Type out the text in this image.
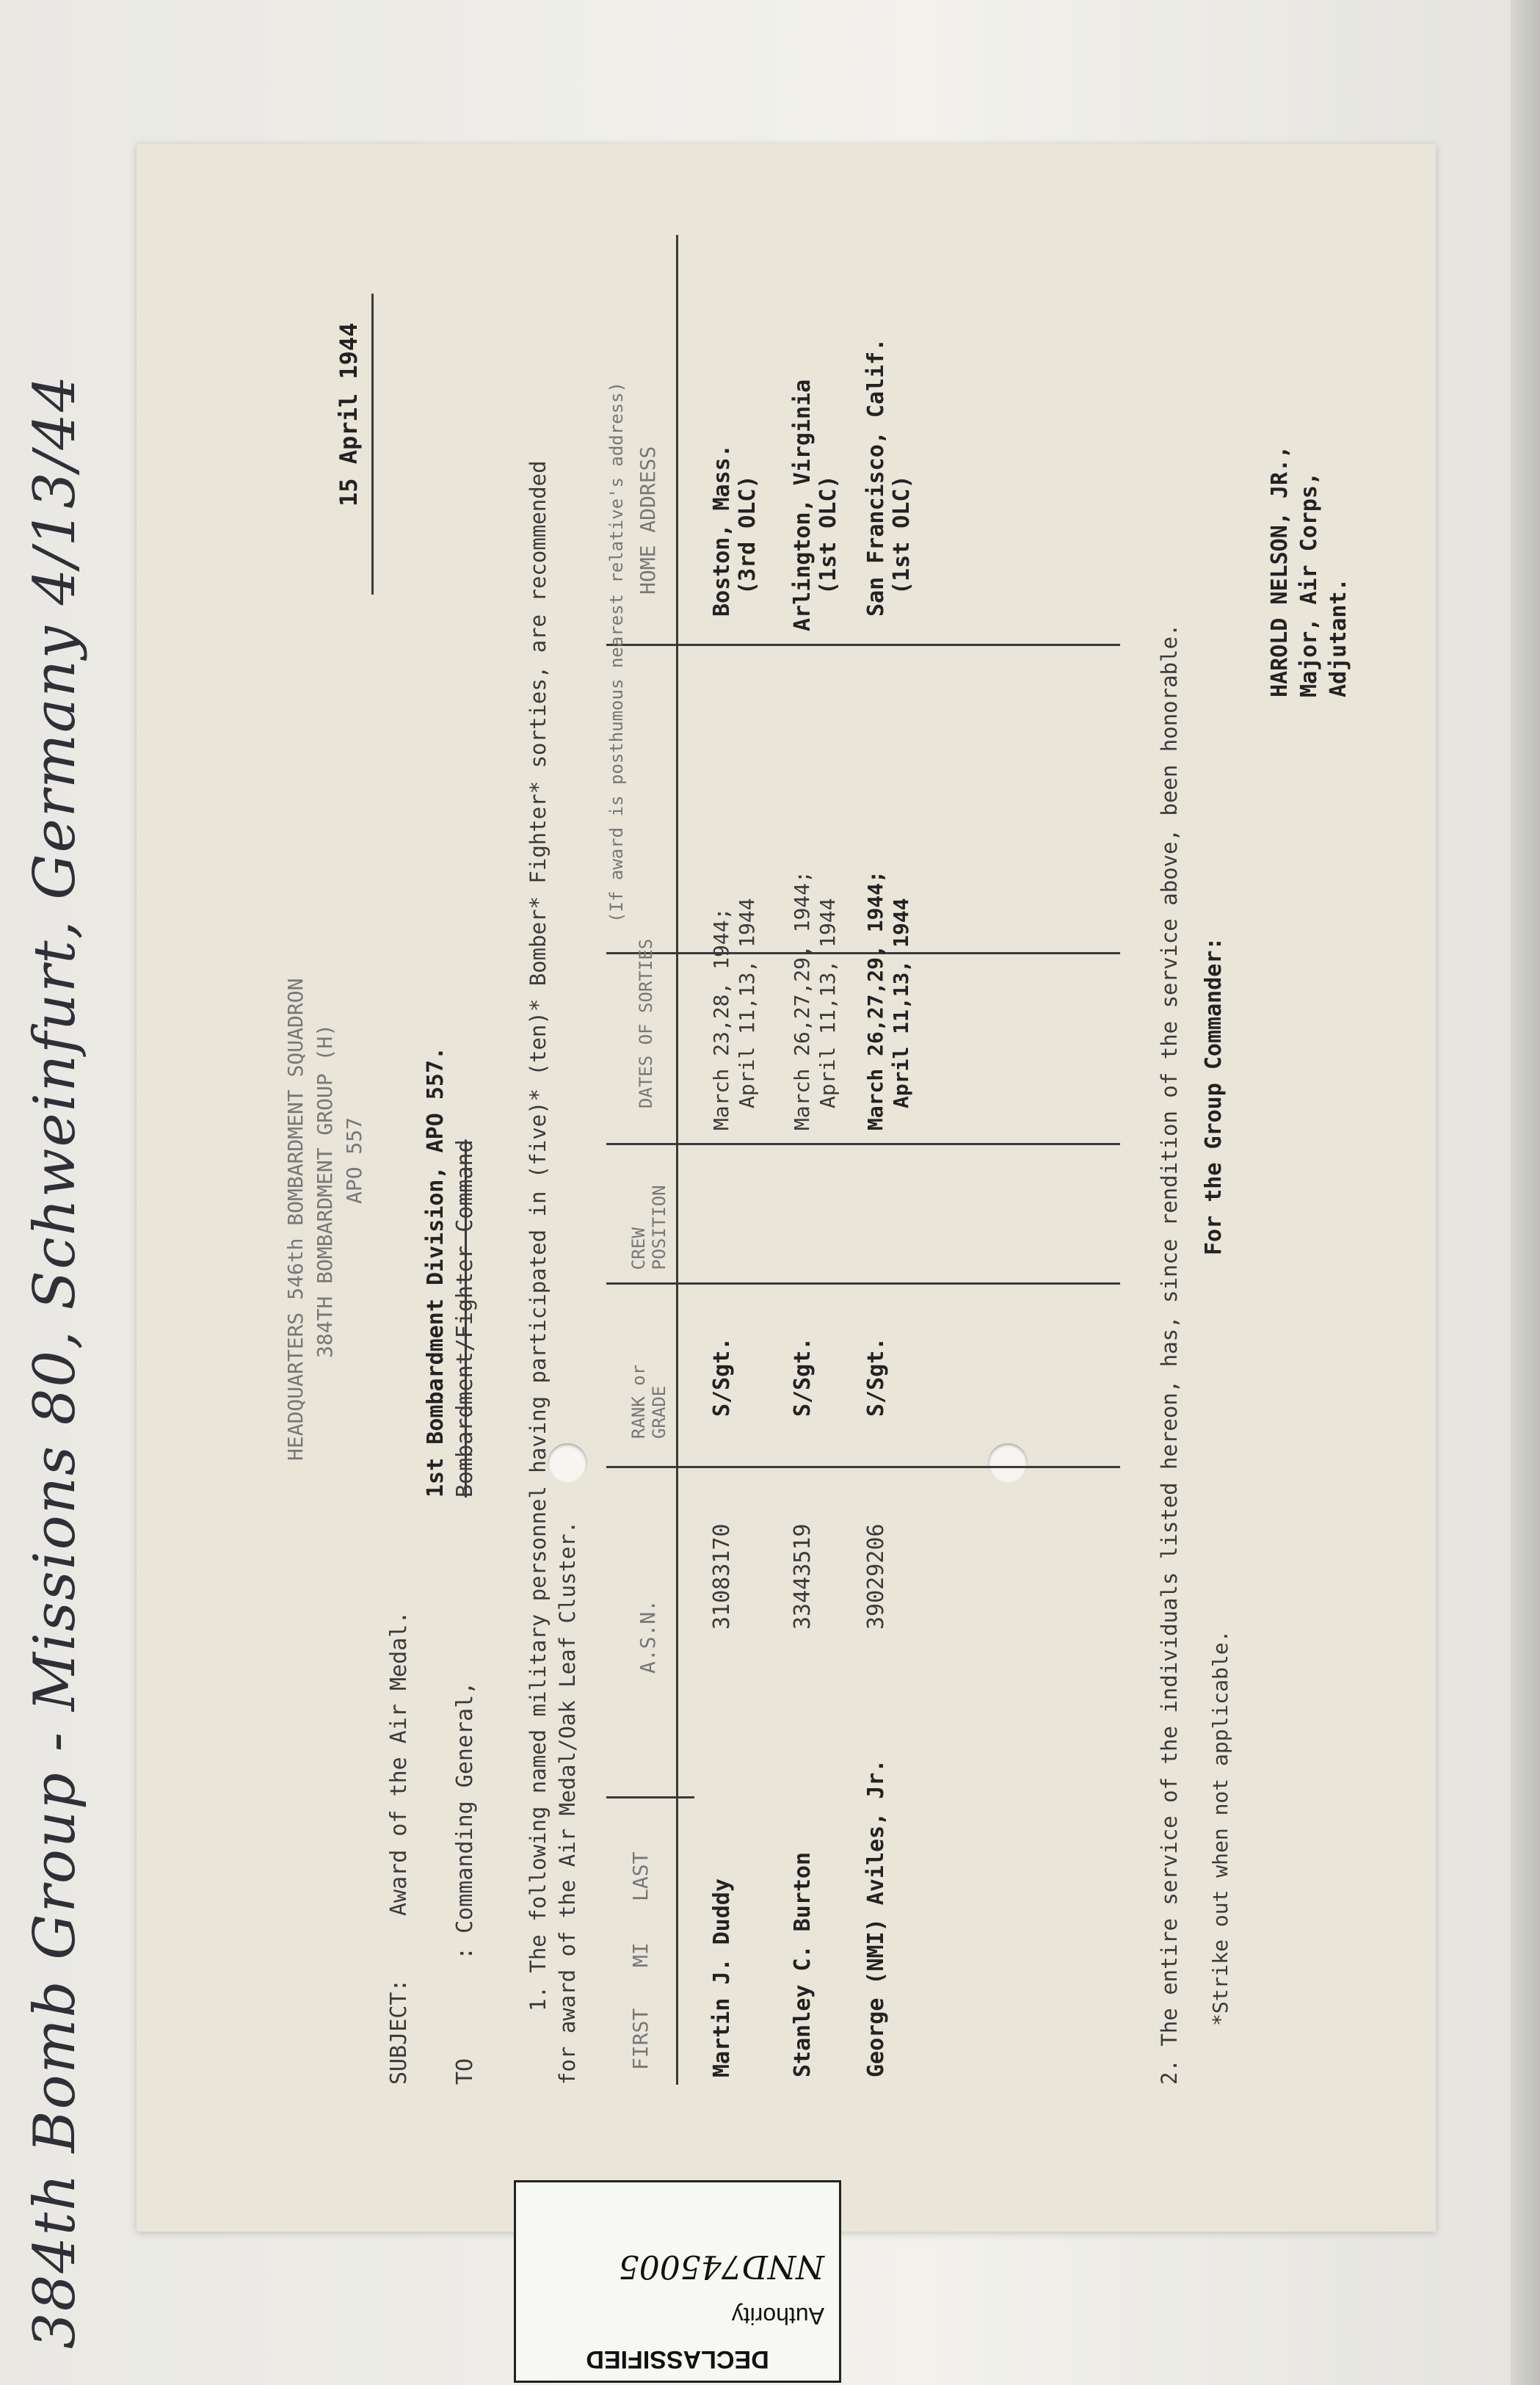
384th Bomb Group - Missions 80, Schweinfurt, Germany 4/13/44	HEADQUARTERS 546th BOMBARDMENT SQUADRON 384TH BOMBARDMENT GROUP (H) APO 557
15 April 1944
SUBJECT:
Award of the Air Medal.
1st Bombardment Division, APO 557.
TO
: Commanding General,
Bombardment/Fighter Command 1. The following named military personnel having participated in (five)* (ten)* Bomber* Fighter* sorties, are recommended for award of the Air Medal/Oak Leaf Cluster. FIRST
MI
LAST
A.S.N.
RANK or GRADE
CREW POSITION
DATES OF SORTIES
HOME ADDRESS
(If award is posthumous nearest relative's address)
Martin J. Duddy
31083170
S/Sgt.
March 23,28, 1944; April 11,13, 1944
Boston, Mass. (3rd OLC)
Stanley C. Burton
33443519
S/Sgt.
March 26,27,29, 1944; April 11,13, 1944
Arlington, Virginia (1st OLC)
George (NMI) Aviles, Jr.
39029206
S/Sgt.
March 26,27,29, 1944; April 11,13, 1944
San Francisco, Calif. (1st OLC)
2. The entire service of the individuals listed hereon, has, since rendition of the service above, been honorable. *Strike out when not applicable.
For the Group Commander:
HAROLD NELSON, JR., Major, Air Corps, Adjutant.
DECLASSIFIED
Authority
NND745005
